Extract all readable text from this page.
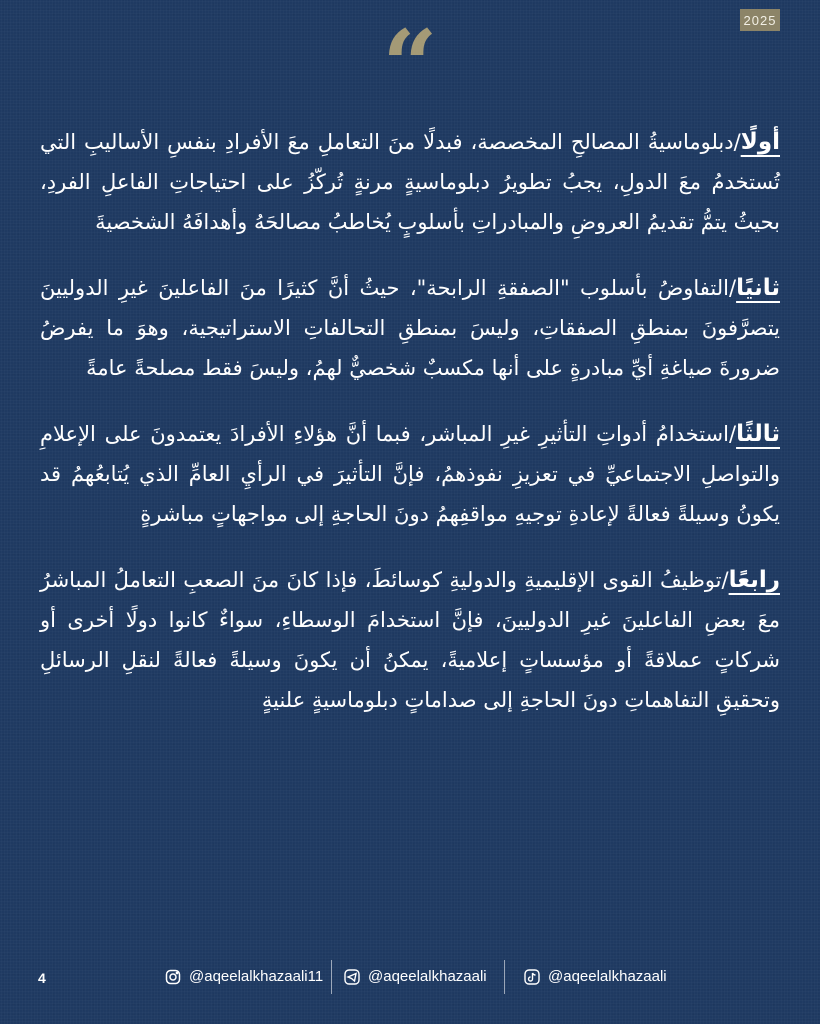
2025
“

أولًا/دبلوماسيةُ المصالحِ المخصصة، فبدلًا منَ التعاملِ معَ الأفرادِ بنفسِ الأساليبِ التي تُستخدمُ معَ الدولِ، يجبُ تطويرُ دبلوماسيةٍ مرنةٍ تُركّزُ على احتياجاتِ الفاعلِ الفردِ، بحيثُ يتمُّ تقديمُ العروضِ والمبادراتِ بأسلوبٍ يُخاطبُ مصالحَهُ وأهدافَهُ الشخصيةَ

ثانيًا/التفاوضُ بأسلوب "الصفقةِ الرابحة"، حيثُ أنَّ كثيرًا منَ الفاعلينَ غيرِ الدوليينَ يتصرَّفونَ بمنطقِ الصفقاتِ، وليسَ بمنطقِ التحالفاتِ الاستراتيجية، وهوَ ما يفرضُ ضرورةَ صياغةِ أيِّ مبادرةٍ على أنها مكسبٌ شخصيٌّ لهمُ، وليسَ فقط مصلحةً عامةً

ثالثًا/استخدامُ أدواتِ التأثيرِ غيرِ المباشر، فبما أنَّ هؤلاءِ الأفرادَ يعتمدونَ على الإعلامِ والتواصلِ الاجتماعيِّ في تعزيزِ نفوذهمُ، فإنَّ التأثيرَ في الرأيِ العامِّ الذي يُتابعُهمُ قد يكونُ وسيلةً فعالةً لإعادةِ توجيهِ مواقفِهمُ دونَ الحاجةِ إلى مواجهاتٍ مباشرةٍ

رابعًا/توظيفُ القوى الإقليميةِ والدوليةِ كوسائطَ، فإذا كانَ منَ الصعبِ التعاملُ المباشرُ معَ بعضِ الفاعلينَ غيرِ الدوليينَ، فإنَّ استخدامَ الوسطاءِ، سواءٌ كانوا دولًا أخرى أو شركاتٍ عملاقةً أو مؤسساتٍ إعلاميةً، يمكنُ أن يكونَ وسيلةً فعالةً لنقلِ الرسائلِ وتحقيقِ التفاهماتِ دونَ الحاجةِ إلى صداماتٍ دبلوماسيةٍ علنيةٍ

4	@aqeelalkhazaali11	@aqeelalkhazaali	@aqeelalkhazaali
